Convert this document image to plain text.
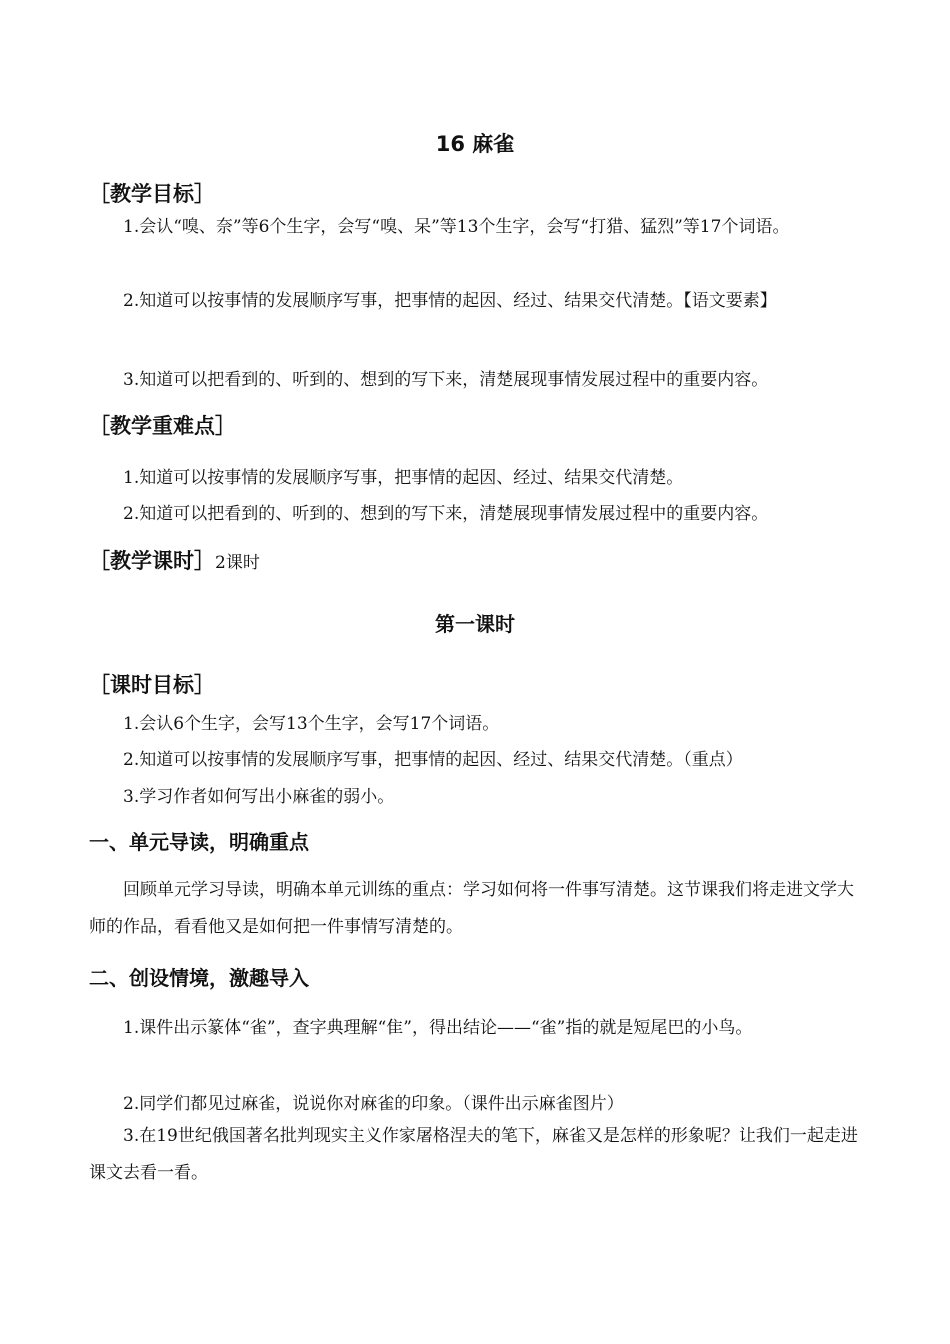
16 麻雀
［教学目标］
1.会认“嗅、奈”等6个生字，会写“嗅、呆”等13个生字，会写“打猎、猛烈”等17个词语。
2.知道可以按事情的发展顺序写事，把事情的起因、经过、结果交代清楚。【语文要素】
3.知道可以把看到的、听到的、想到的写下来，清楚展现事情发展过程中的重要内容。
［教学重难点］
1.知道可以按事情的发展顺序写事，把事情的起因、经过、结果交代清楚。
2.知道可以把看到的、听到的、想到的写下来，清楚展现事情发展过程中的重要内容。
［教学课时］2课时
第一课时
［课时目标］
1.会认6个生字，会写13个生字，会写17个词语。
2.知道可以按事情的发展顺序写事，把事情的起因、经过、结果交代清楚。（重点）
3.学习作者如何写出小麻雀的弱小。
一、单元导读，明确重点
回顾单元学习导读，明确本单元训练的重点：学习如何将一件事写清楚。这节课我们将走进文学大师的作品，看看他又是如何把一件事情写清楚的。
二、创设情境，激趣导入
1.课件出示篆体“雀”，查字典理解“隹”，得出结论——“雀”指的就是短尾巴的小鸟。
2.同学们都见过麻雀，说说你对麻雀的印象。（课件出示麻雀图片）
3.在19世纪俄国著名批判现实主义作家屠格涅夫的笔下，麻雀又是怎样的形象呢？让我们一起走进课文去看一看。
